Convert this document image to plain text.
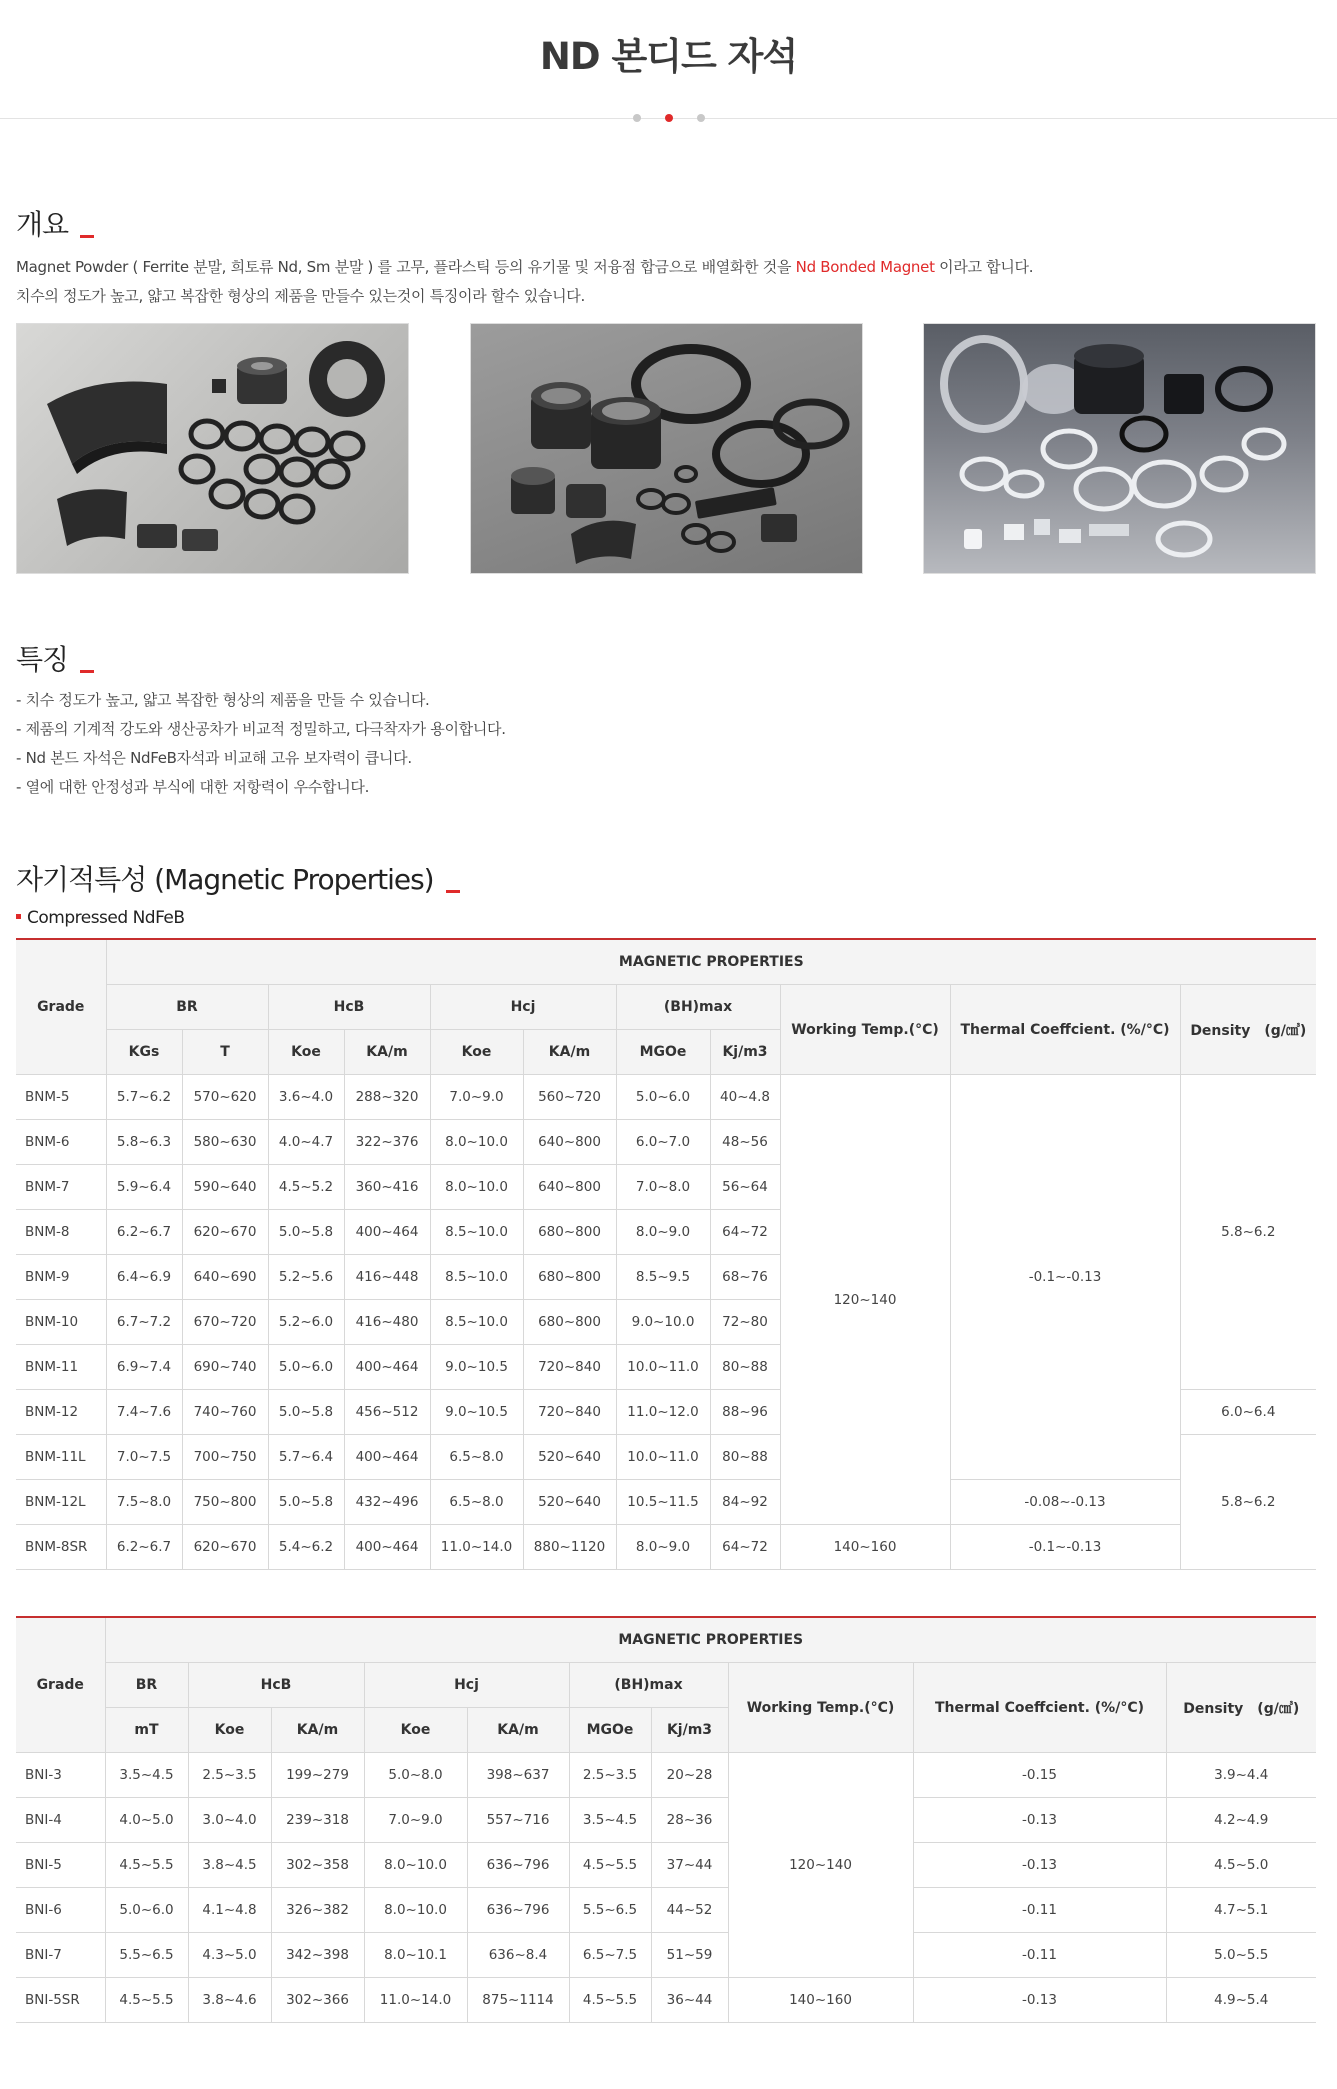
ND 본디드 자석

개요

Magnet Powder ( Ferrite 분말, 희토류 Nd, Sm 분말 ) 를 고무, 플라스틱 등의 유기물 및 저융점 합금으로 배열화한 것을 Nd Bonded Magnet 이라고 합니다.
치수의 정도가 높고, 얇고 복잡한 형상의 제품을 만들수 있는것이 특징이라 할수 있습니다.

특징
- 치수 정도가 높고, 얇고 복잡한 형상의 제품을 만들 수 있습니다.
- 제품의 기계적 강도와 생산공차가 비교적 정밀하고, 다극착자가 용이합니다.
- Nd 본드 자석은 NdFeB자석과 비교해 고유 보자력이 큽니다.
- 열에 대한 안정성과 부식에 대한 저항력이 우수합니다.
자기적특성 (Magnetic Properties)
Compressed NdFeB
Grade	MAGNETIC PROPERTIES										
	BR		HcB		Hcj		(BH)max		Working Temp.(°C)	Thermal Coeffcient. (%/°C)	Density　(g/㎤)
	KGs	T	Koe	KA/m	Koe	KA/m	MGOe	Kj/m3			
BNM-5	5.7~6.2	570~620	3.6~4.0	288~320	7.0~9.0	560~720	5.0~6.0	40~4.8	120~140	-0.1~-0.13	5.8~6.2
BNM-6	5.8~6.3	580~630	4.0~4.7	322~376	8.0~10.0	640~800	6.0~7.0	48~56			
BNM-7	5.9~6.4	590~640	4.5~5.2	360~416	8.0~10.0	640~800	7.0~8.0	56~64			
BNM-8	6.2~6.7	620~670	5.0~5.8	400~464	8.5~10.0	680~800	8.0~9.0	64~72			
BNM-9	6.4~6.9	640~690	5.2~5.6	416~448	8.5~10.0	680~800	8.5~9.5	68~76			
BNM-10	6.7~7.2	670~720	5.2~6.0	416~480	8.5~10.0	680~800	9.0~10.0	72~80			
BNM-11	6.9~7.4	690~740	5.0~6.0	400~464	9.0~10.5	720~840	10.0~11.0	80~88			
BNM-12	7.4~7.6	740~760	5.0~5.8	456~512	9.0~10.5	720~840	11.0~12.0	88~96			6.0~6.4
BNM-11L	7.0~7.5	700~750	5.7~6.4	400~464	6.5~8.0	520~640	10.0~11.0	80~88			5.8~6.2
BNM-12L	7.5~8.0	750~800	5.0~5.8	432~496	6.5~8.0	520~640	10.5~11.5	84~92		-0.08~-0.13	
BNM-8SR	6.2~6.7	620~670	5.4~6.2	400~464	11.0~14.0	880~1120	8.0~9.0	64~72	140~160	-0.1~-0.13	
Grade	MAGNETIC PROPERTIES									
	BR	HcB		Hcj		(BH)max		Working Temp.(°C)	Thermal Coeffcient. (%/°C)	Density　(g/㎤)
	mT	Koe	KA/m	Koe	KA/m	MGOe	Kj/m3			
BNI-3	3.5~4.5	2.5~3.5	199~279	5.0~8.0	398~637	2.5~3.5	20~28	120~140	-0.15	3.9~4.4
BNI-4	4.0~5.0	3.0~4.0	239~318	7.0~9.0	557~716	3.5~4.5	28~36		-0.13	4.2~4.9
BNI-5	4.5~5.5	3.8~4.5	302~358	8.0~10.0	636~796	4.5~5.5	37~44		-0.13	4.5~5.0
BNI-6	5.0~6.0	4.1~4.8	326~382	8.0~10.0	636~796	5.5~6.5	44~52		-0.11	4.7~5.1
BNI-7	5.5~6.5	4.3~5.0	342~398	8.0~10.1	636~8.4	6.5~7.5	51~59		-0.11	5.0~5.5
BNI-5SR	4.5~5.5	3.8~4.6	302~366	11.0~14.0	875~1114	4.5~5.5	36~44	140~160	-0.13	4.9~5.4
